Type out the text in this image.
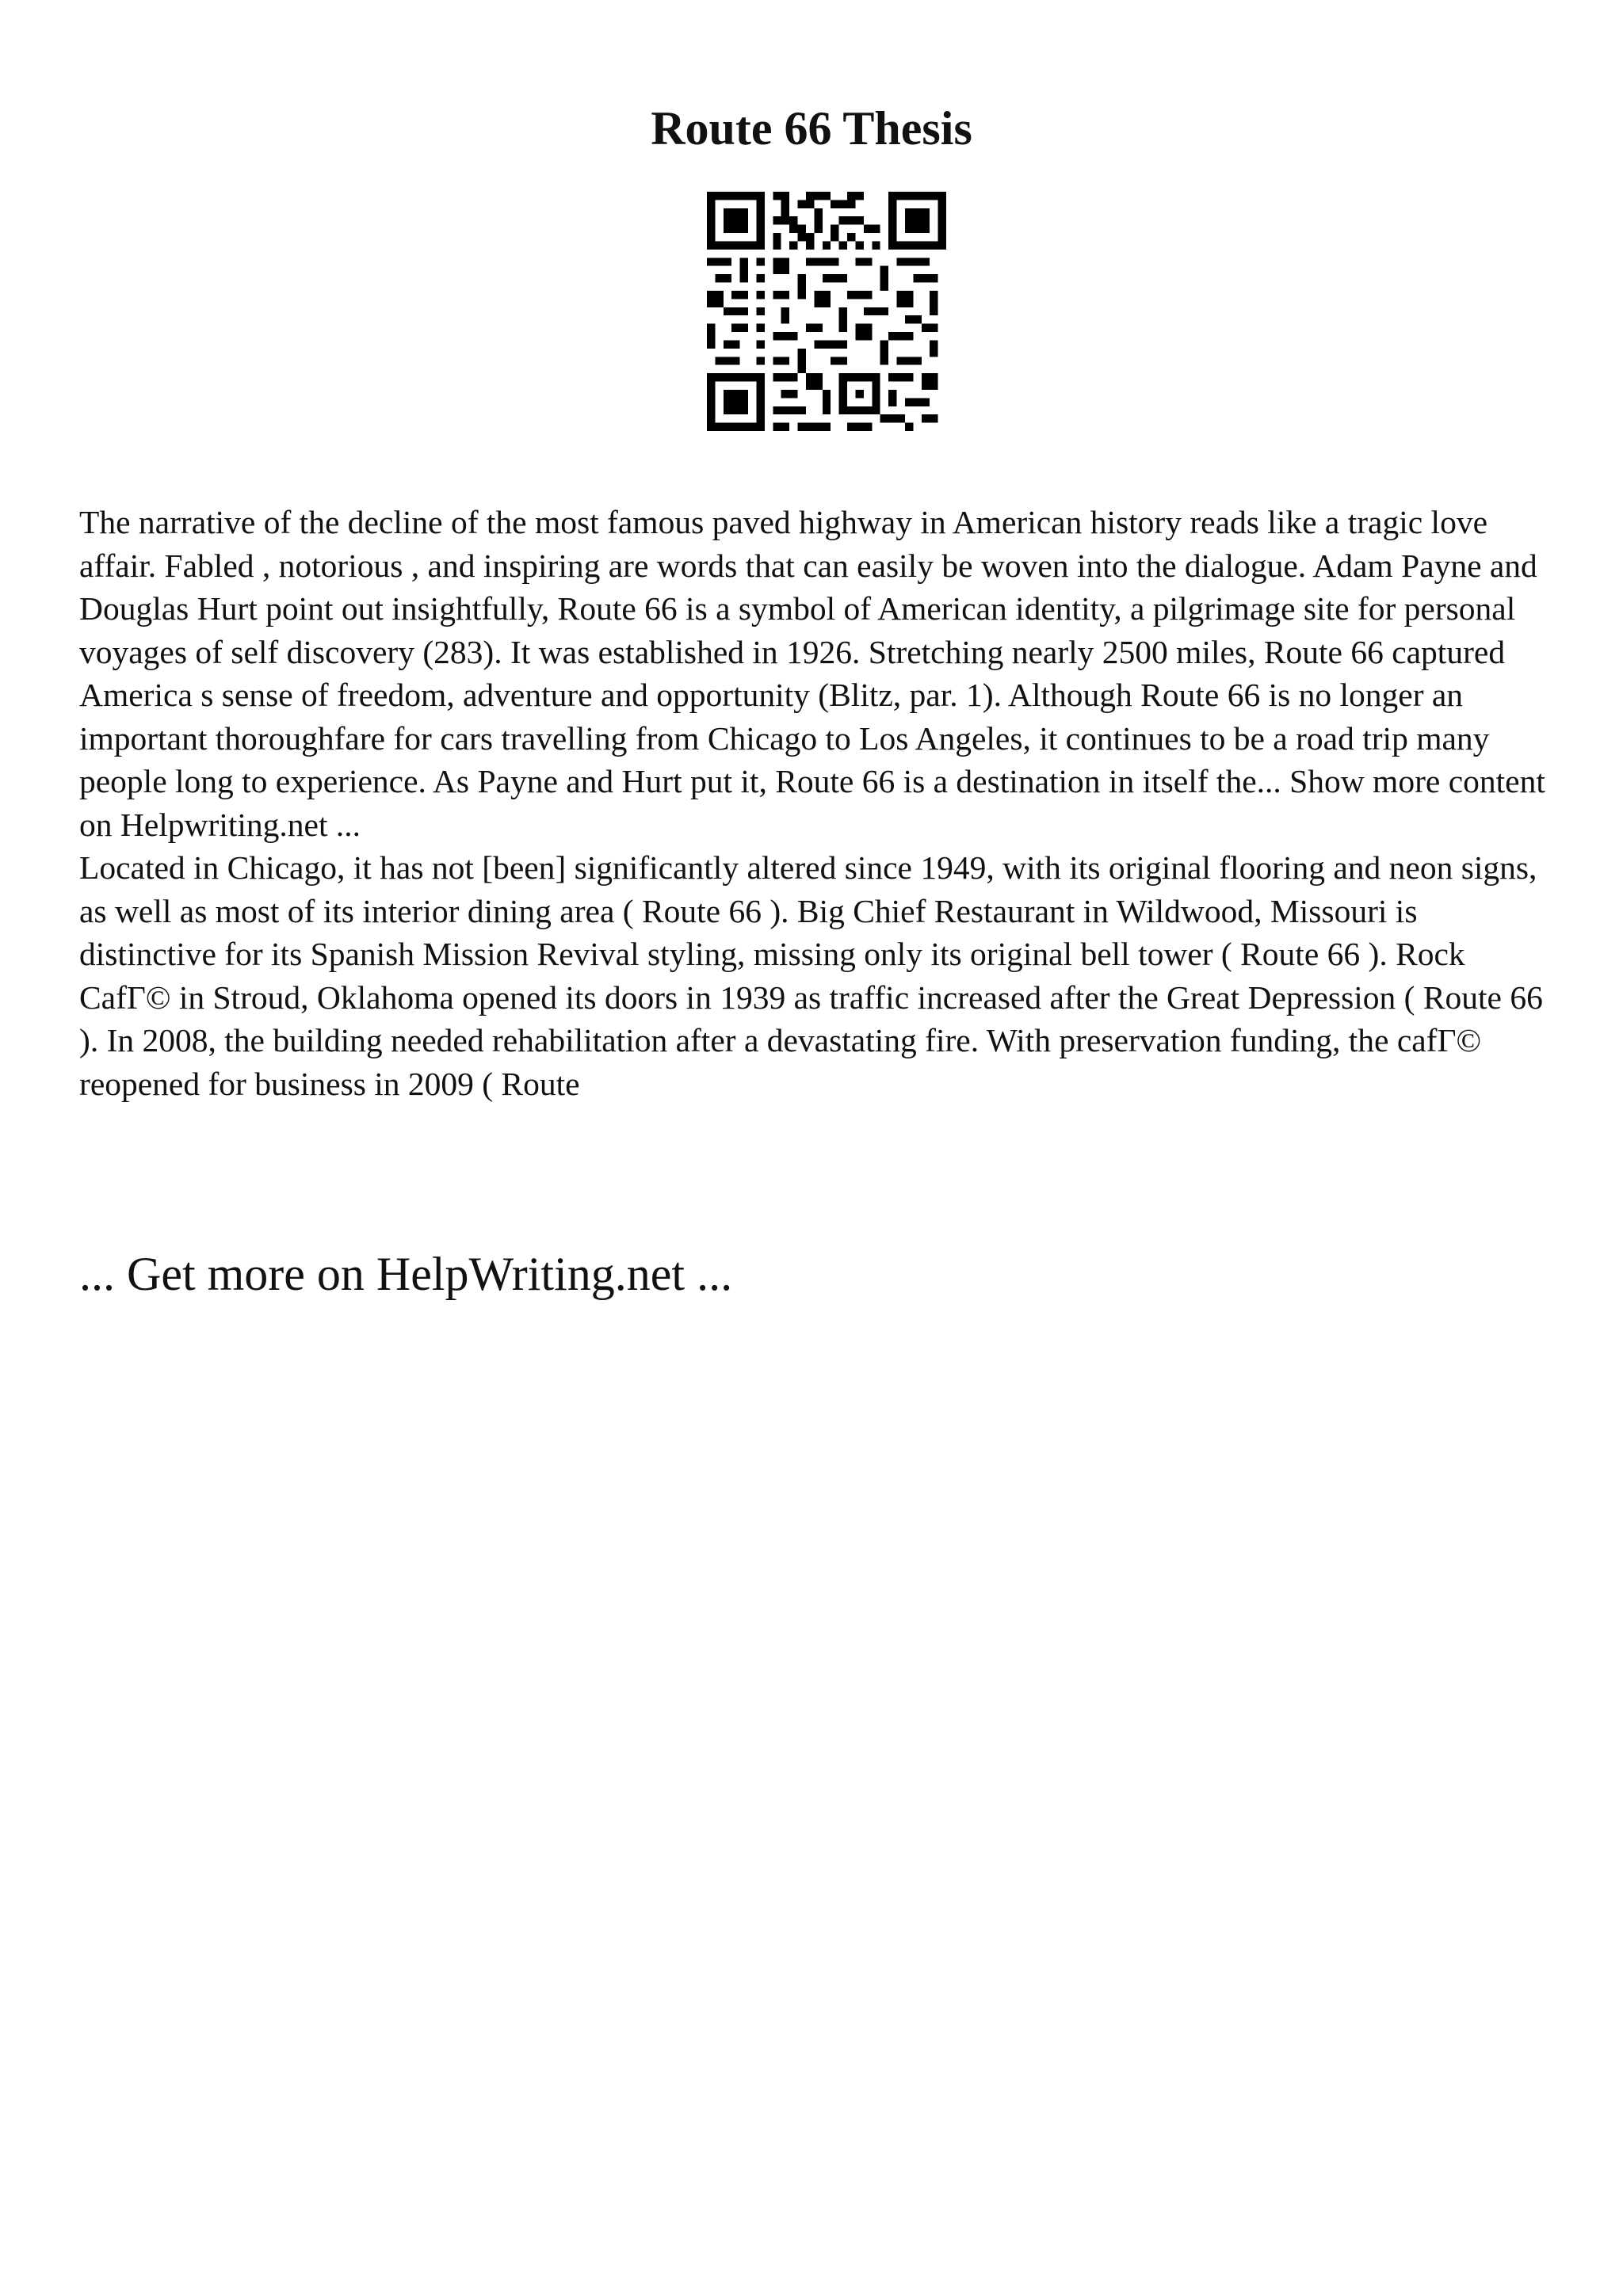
Route 66 Thesis

The narrative of the decline of the most famous paved highway in American history reads like a tragic love affair. Fabled , notorious , and inspiring are words that can easily be woven into the dialogue. Adam Payne and Douglas Hurt point out insightfully, Route 66 is a symbol of American identity, a pilgrimage site for personal voyages of self discovery (283). It was established in 1926. Stretching nearly 2500 miles, Route 66 captured America s sense of freedom, adventure and opportunity (Blitz, par. 1). Although Route 66 is no longer an important thoroughfare for cars travelling from Chicago to Los Angeles, it continues to be a road trip many people long to experience. As Payne and Hurt put it, Route 66 is a destination in itself the... Show more content on Helpwriting.net ...

Located in Chicago, it has not [been] significantly altered since 1949, with its original flooring and neon signs, as well as most of its interior dining area ( Route 66 ). Big Chief Restaurant in Wildwood, Missouri is distinctive for its Spanish Mission Revival styling, missing only its original bell tower ( Route 66 ). Rock CafГ© in Stroud, Oklahoma opened its doors in 1939 as traffic increased after the Great Depression ( Route 66 ). In 2008, the building needed rehabilitation after a devastating fire. With preservation funding, the cafГ© reopened for business in 2009 ( Route

... Get more on HelpWriting.net ...
